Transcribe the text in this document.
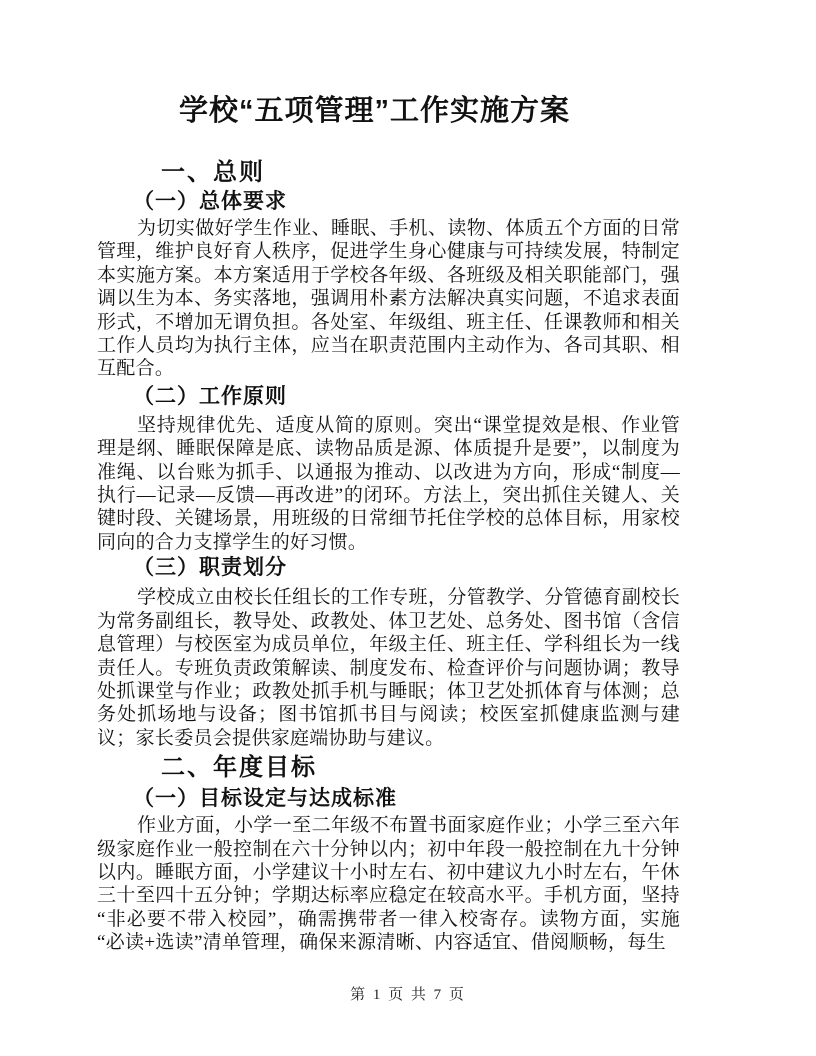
学校“五项管理”工作实施方案
一、总则
（一）总体要求

为切实做好学生作业、睡眠、手机、读物、体质五个方面的日常管理，维护良好育人秩序，促进学生身心健康与可持续发展，特制定本实施方案。本方案适用于学校各年级、各班级及相关职能部门，强调以生为本、务实落地，强调用朴素方法解决真实问题，不追求表面形式，不增加无谓负担。各处室、年级组、班主任、任课教师和相关工作人员均为执行主体，应当在职责范围内主动作为、各司其职、相互配合。

（二）工作原则

坚持规律优先、适度从简的原则。突出“课堂提效是根、作业管理是纲、睡眠保障是底、读物品质是源、体质提升是要”，以制度为准绳、以台账为抓手、以通报为推动、以改进为方向，形成“制度—执行—记录—反馈—再改进”的闭环。方法上，突出抓住关键人、关键时段、关键场景，用班级的日常细节托住学校的总体目标，用家校同向的合力支撑学生的好习惯。

（三）职责划分

学校成立由校长任组长的工作专班，分管教学、分管德育副校长为常务副组长，教导处、政教处、体卫艺处、总务处、图书馆（含信息管理）与校医室为成员单位，年级主任、班主任、学科组长为一线责任人。专班负责政策解读、制度发布、检查评价与问题协调；教导处抓课堂与作业；政教处抓手机与睡眠；体卫艺处抓体育与体测；总务处抓场地与设备；图书馆抓书目与阅读；校医室抓健康监测与建议；家长委员会提供家庭端协助与建议。

二、年度目标
（一）目标设定与达成标准

作业方面，小学一至二年级不布置书面家庭作业；小学三至六年级家庭作业一般控制在六十分钟以内；初中年段一般控制在九十分钟以内。睡眠方面，小学建议十小时左右、初中建议九小时左右，午休三十至四十五分钟；学期达标率应稳定在较高水平。手机方面，坚持“非必要不带入校园”，确需携带者一律入校寄存。读物方面，实施“必读+选读”清单管理，确保来源清晰、内容适宜、借阅顺畅，每生

第 1 页 共 7 页
